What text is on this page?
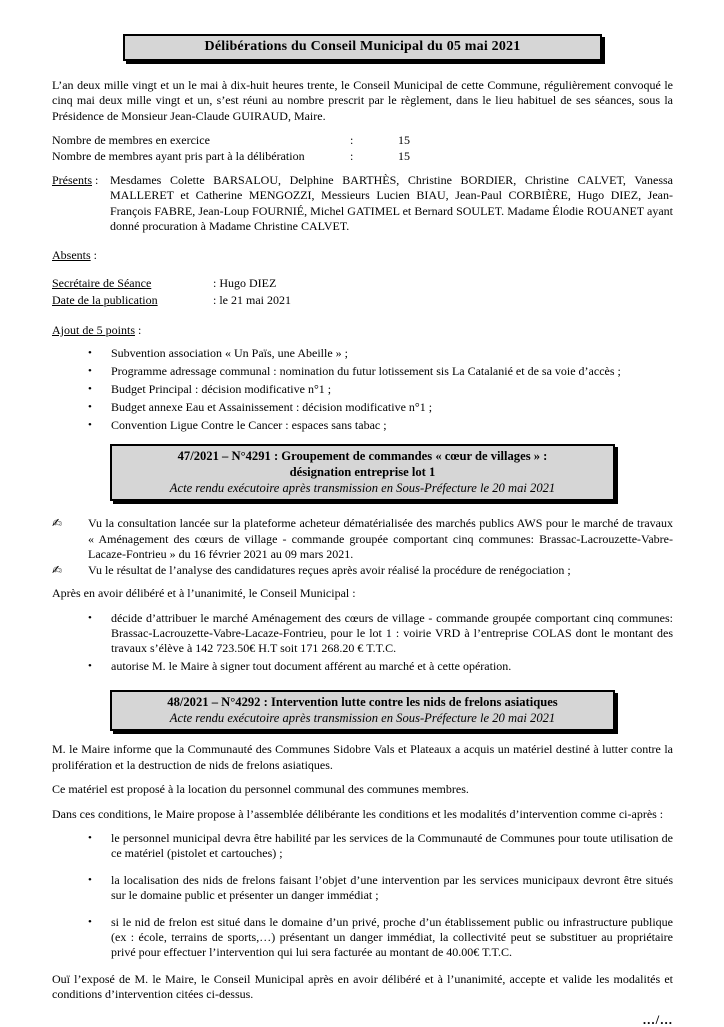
Délibérations du Conseil Municipal du 05 mai 2021

L’an deux mille vingt et un le mai à dix-huit heures trente, le Conseil Municipal de cette Commune, régulièrement convoqué le cinq mai deux mille vingt et un, s’est réuni au nombre prescrit par le règlement, dans le lieu habituel de ses séances, sous la Présidence de Monsieur Jean-Claude GUIRAUD, Maire.

Nombre de membres en exercice	:	15
Nombre de membres ayant pris part à la délibération	:	15
Présents : Mesdames Colette BARSALOU, Delphine BARTHÈS, Christine BORDIER, Christine CALVET, Vanessa MALLERET et Catherine MENGOZZI, Messieurs Lucien BIAU, Jean-Paul CORBIÈRE, Hugo DIEZ, Jean-François FABRE, Jean-Loup FOURNIÉ, Michel GATIMEL et Bernard SOULET. Madame Élodie ROUANET ayant donné procuration à Madame Christine CALVET.
Absents :
Secrétaire de Séance	: Hugo DIEZ
Date de la publication	: le 21 mai 2021
Ajout de 5 points :
•	Subvention association « Un Païs, une Abeille » ;
•	Programme adressage communal : nomination du futur lotissement sis La Catalanié et de sa voie d’accès ;
•	Budget Principal : décision modificative n°1 ;
•	Budget annexe Eau et Assainissement : décision modificative n°1 ;
•	Convention Ligue Contre le Cancer : espaces sans tabac ;
47/2021 – N°4291 : Groupement de commandes « cœur de villages » :
désignation entreprise lot 1
Acte rendu exécutoire après transmission en Sous-Préfecture le 20 mai 2021
✍	Vu la consultation lancée sur la plateforme acheteur dématérialisée des marchés publics AWS pour le marché de travaux « Aménagement des cœurs de village - commande groupée comportant cinq communes: Brassac-Lacrouzette-Vabre-Lacaze-Fontrieu » du 16 février 2021 au 09 mars 2021.
✍	Vu le résultat de l’analyse des candidatures reçues après avoir réalisé la procédure de renégociation ;

Après en avoir délibéré et à l’unanimité, le Conseil Municipal :

•	décide d’attribuer le marché Aménagement des cœurs de village - commande groupée comportant cinq communes: Brassac-Lacrouzette-Vabre-Lacaze-Fontrieu, pour le lot 1 : voirie VRD à l’entreprise COLAS dont le montant des travaux s’élève à 142 723.50€ H.T soit 171 268.20 € T.T.C.
•	autorise M. le Maire à signer tout document afférent au marché et à cette opération.
48/2021 – N°4292 : Intervention lutte contre les nids de frelons asiatiques
Acte rendu exécutoire après transmission en Sous-Préfecture le 20 mai 2021

M. le Maire informe que la Communauté des Communes Sidobre Vals et Plateaux a acquis un matériel destiné à lutter contre la prolifération et la destruction de nids de frelons asiatiques.

Ce matériel est proposé à la location du personnel communal des communes membres.

Dans ces conditions, le Maire propose à l’assemblée délibérante les conditions et les modalités d’intervention comme ci-après :

•	le personnel municipal devra être habilité par les services de la Communauté de Communes pour toute utilisation de ce matériel (pistolet et cartouches) ;
•	la localisation des nids de frelons faisant l’objet d’une intervention par les services municipaux devront être situés sur le domaine public et présenter un danger immédiat ;
•	si le nid de frelon est situé dans le domaine d’un privé, proche d’un établissement public ou infrastructure publique (ex : école, terrains de sports,…) présentant un danger immédiat, la collectivité peut se substituer au propriétaire privé pour effectuer l’intervention qui lui sera facturée au montant de 40.00€ T.T.C.

Ouï l’exposé de M. le Maire, le Conseil Municipal après en avoir délibéré et à l’unanimité, accepte et valide les modalités et conditions d’intervention citées ci-dessus.

.../...
